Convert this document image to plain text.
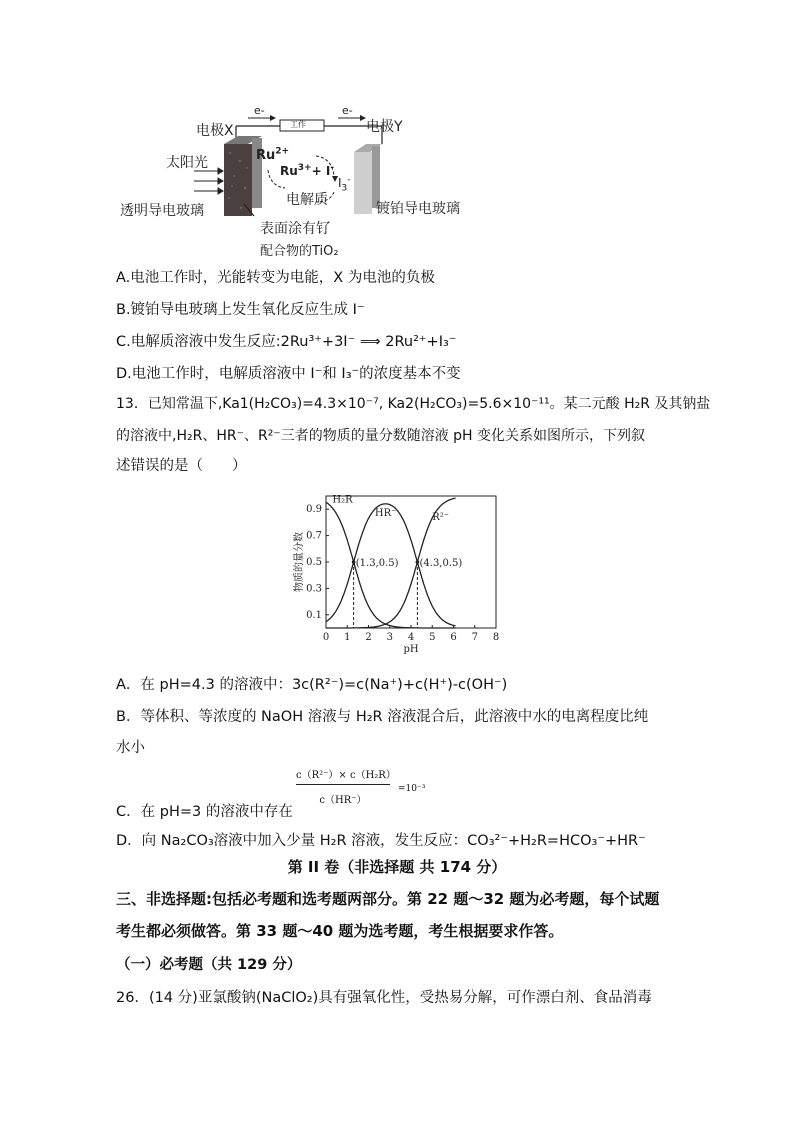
e-	e-
工作
电极X	电极Y
太阳光	$Ru^{2+}$
$Ru^{3+}+ I^-$
$I_3^-$
电解质
透明导电玻璃	镀铂导电玻璃
表面涂有钌
配合物的TiO₂
A.电池工作时，光能转变为电能，X 为电池的负极
B.镀铂导电玻璃上发生氧化反应生成 I⁻
C.电解质溶液中发生反应:2Ru³⁺+3I⁻ ⟹ 2Ru²⁺+I₃⁻
D.电池工作时，电解质溶液中 I⁻和 I₃⁻的浓度基本不变
13．已知常温下,Ka1(H₂CO₃)=4.3×10⁻⁷, Ka2(H₂CO₃)=5.6×10⁻¹¹。某二元酸 H₂R 及其钠盐
的溶液中,H₂R、HR⁻、R²⁻三者的物质的量分数随溶液 pH 变化关系如图所示，下列叙
述错误的是（　　）
0 1 2 3 4 5 6 7 8
0.1
0.3
0.5
0.7
0.9
pH
物质的量分数
H₂R
HR⁻	R²⁻
(1.3,0.5) (4.3,0.5)
A．在 pH=4.3 的溶液中：3c(R²⁻)=c(Na⁺)+c(H⁺)-c(OH⁻)
B．等体积、等浓度的 NaOH 溶液与 H₂R 溶液混合后，此溶液中水的电离程度比纯
水小
c（R²⁻）× c（H₂R）
c（HR⁻）
=10⁻³
C．在 pH=3 的溶液中存在
D．向 Na₂CO₃溶液中加入少量 H₂R 溶液，发生反应：CO₃²⁻+H₂R=HCO₃⁻+HR⁻
第 II 卷（非选择题 共 174 分）
三、非选择题:包括必考题和选考题两部分。第 22 题～32 题为必考题，每个试题
考生都必须做答。第 33 题～40 题为选考题，考生根据要求作答。
（一）必考题（共 129 分）
26．(14 分)亚氯酸钠(NaClO₂)具有强氧化性，受热易分解，可作漂白剂、食品消毒
